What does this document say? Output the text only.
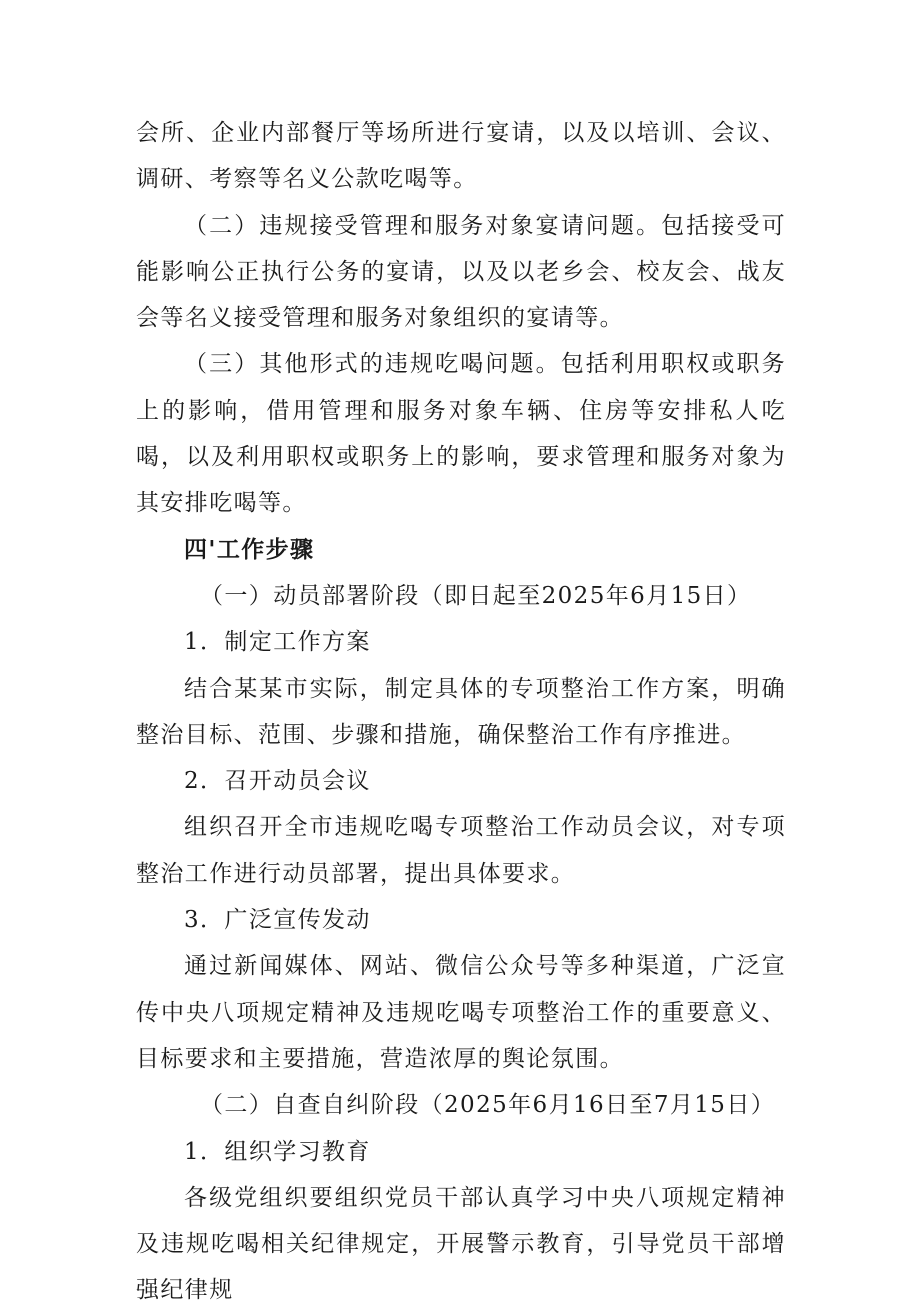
会所、企业内部餐厅等场所进行宴请，以及以培训、会议、调研、考察等名义公款吃喝等。

（二）违规接受管理和服务对象宴请问题。包括接受可能影响公正执行公务的宴请，以及以老乡会、校友会、战友会等名义接受管理和服务对象组织的宴请等。

（三）其他形式的违规吃喝问题。包括利用职权或职务上的影响，借用管理和服务对象车辆、住房等安排私人吃喝，以及利用职权或职务上的影响，要求管理和服务对象为其安排吃喝等。

四'工作步骤

（一）动员部署阶段（即日起至2025年6月15日）

1．制定工作方案

结合某某市实际，制定具体的专项整治工作方案，明确整治目标、范围、步骤和措施，确保整治工作有序推进。

2．召开动员会议

组织召开全市违规吃喝专项整治工作动员会议，对专项整治工作进行动员部署，提出具体要求。

3．广泛宣传发动

通过新闻媒体、网站、微信公众号等多种渠道，广泛宣传中央八项规定精神及违规吃喝专项整治工作的重要意义、目标要求和主要措施，营造浓厚的舆论氛围。

（二）自查自纠阶段（2025年6月16日至7月15日）

1．组织学习教育

各级党组织要组织党员干部认真学习中央八项规定精神及违规吃喝相关纪律规定，开展警示教育，引导党员干部增强纪律规
